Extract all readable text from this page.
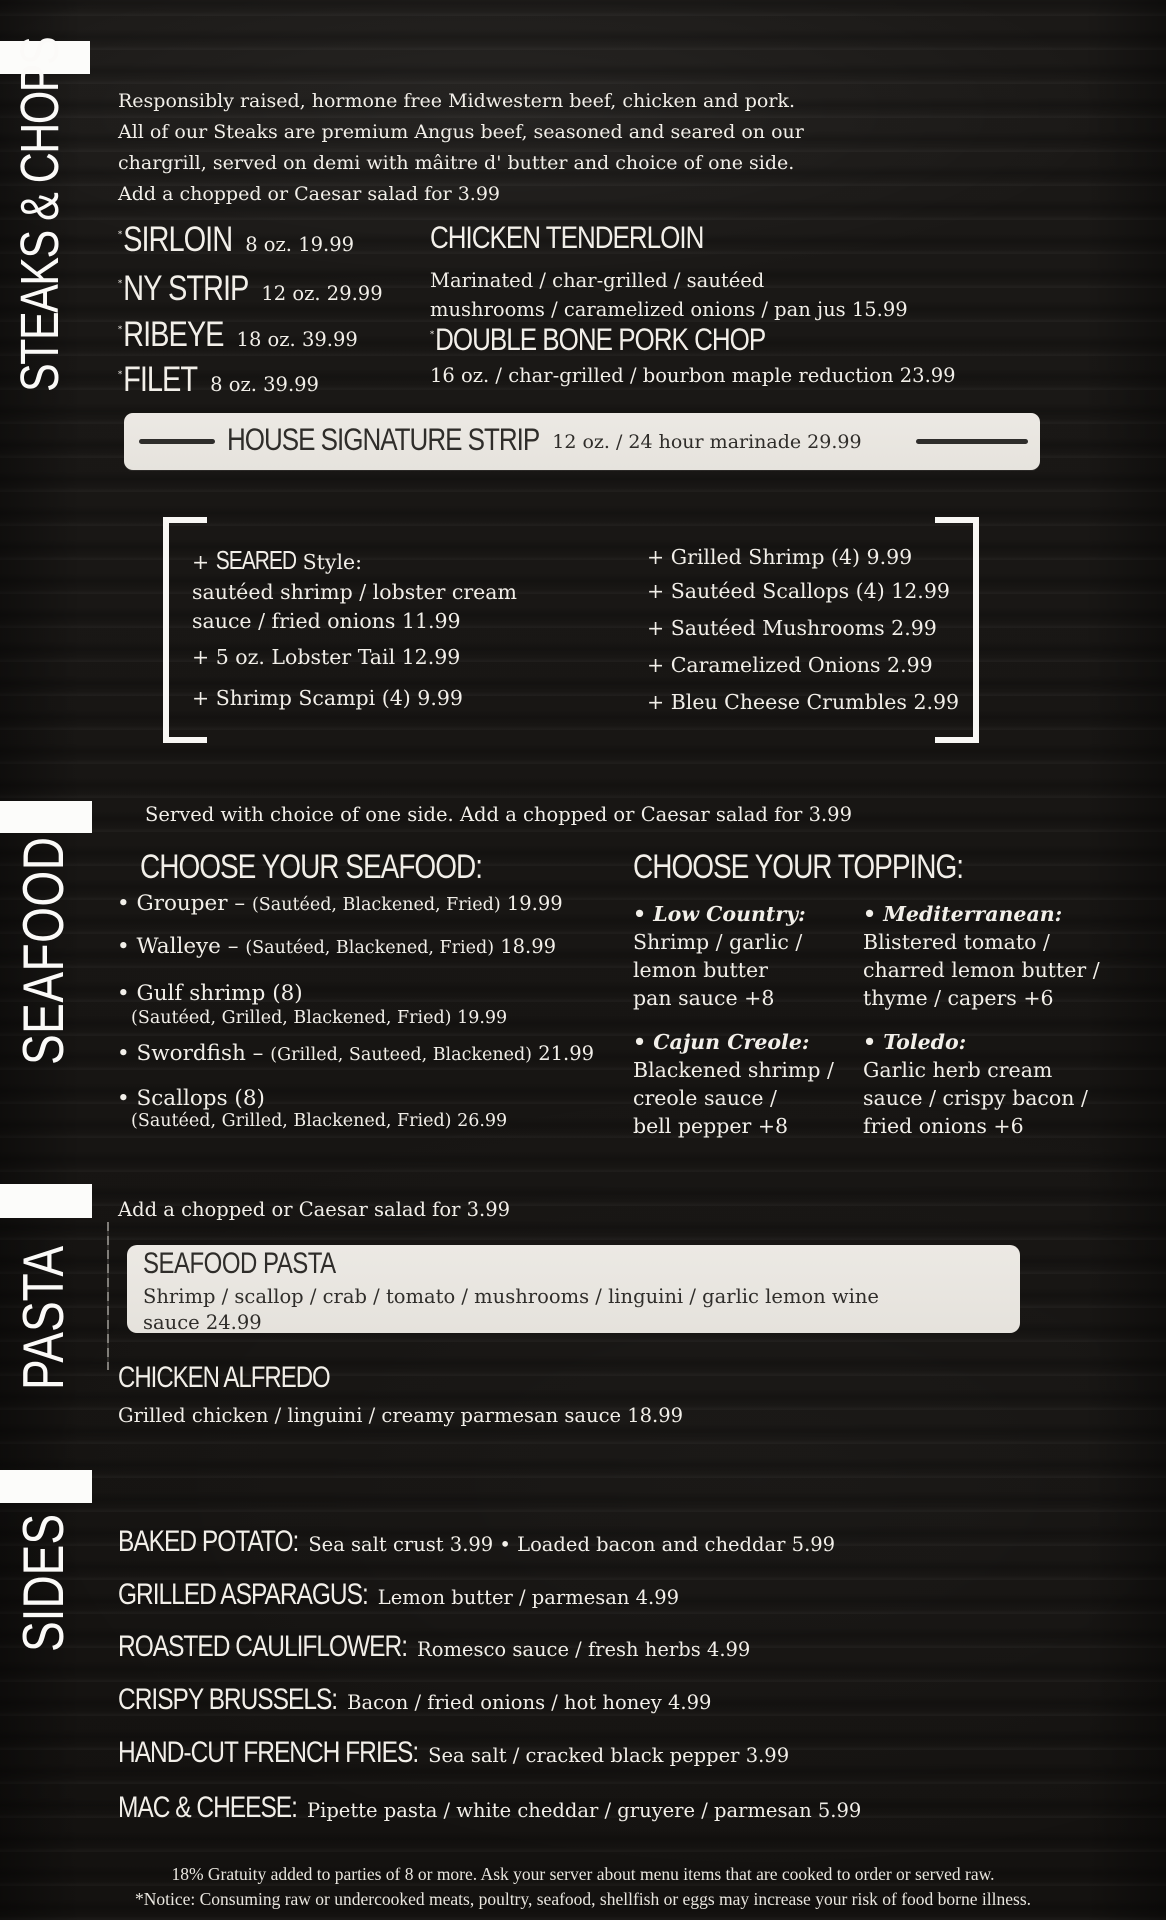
STEAKS & CHOPS	Responsibly raised, hormone free Midwestern beef, chicken and pork.
All of our Steaks are premium Angus beef, seasoned and seared on our
chargrill, served on demi with mâitre d' butter and choice of one side.
Add a chopped or Caesar salad for 3.99
*SIRLOIN 8 oz. 19.99
*NY STRIP 12 oz. 29.99
*RIBEYE 18 oz. 39.99
*FILET 8 oz. 39.99
CHICKEN TENDERLOIN
Marinated / char-grilled / sautéed
mushrooms / caramelized onions / pan jus 15.99
*DOUBLE BONE PORK CHOP
16 oz. / char-grilled / bourbon maple reduction 23.99
HOUSE SIGNATURE STRIP 12 oz. / 24 hour marinade 29.99
+ SEARED Style:
sautéed shrimp / lobster cream
sauce / fried onions 11.99
+ 5 oz. Lobster Tail 12.99
+ Shrimp Scampi (4) 9.99
+ Grilled Shrimp (4) 9.99
+ Sautéed Scallops (4) 12.99
+ Sautéed Mushrooms 2.99
+ Caramelized Onions 2.99
+ Bleu Cheese Crumbles 2.99
SEAFOOD
Served with choice of one side. Add a chopped or Caesar salad for 3.99
CHOOSE YOUR SEAFOOD:
• Grouper – (Sautéed, Blackened, Fried) 19.99
• Walleye – (Sautéed, Blackened, Fried) 18.99
• Gulf shrimp (8)
(Sautéed, Grilled, Blackened, Fried) 19.99
• Swordfish – (Grilled, Sauteed, Blackened) 21.99
• Scallops (8)
(Sautéed, Grilled, Blackened, Fried) 26.99
CHOOSE YOUR TOPPING:
• Low Country:
Shrimp / garlic /
lemon butter
pan sauce +8
• Cajun Creole:
Blackened shrimp /
creole sauce /
bell pepper +8
• Mediterranean:
Blistered tomato /
charred lemon butter /
thyme / capers +6
• Toledo:
Garlic herb cream
sauce / crispy bacon /
fried onions +6
PASTA
Add a chopped or Caesar salad for 3.99
SEAFOOD PASTA
Shrimp / scallop / crab / tomato / mushrooms / linguini / garlic lemon wine
sauce 24.99
CHICKEN ALFREDO
Grilled chicken / linguini / creamy parmesan sauce 18.99
SIDES BAKED POTATO: Sea salt crust 3.99 • Loaded bacon and cheddar 5.99
GRILLED ASPARAGUS: Lemon butter / parmesan 4.99
ROASTED CAULIFLOWER: Romesco sauce / fresh herbs 4.99
CRISPY BRUSSELS: Bacon / fried onions / hot honey 4.99
HAND-CUT FRENCH FRIES: Sea salt / cracked black pepper 3.99
MAC & CHEESE: Pipette pasta / white cheddar / gruyere / parmesan 5.99
18% Gratuity added to parties of 8 or more. Ask your server about menu items that are cooked to order or served raw.
*Notice: Consuming raw or undercooked meats, poultry, seafood, shellfish or eggs may increase your risk of food borne illness.
